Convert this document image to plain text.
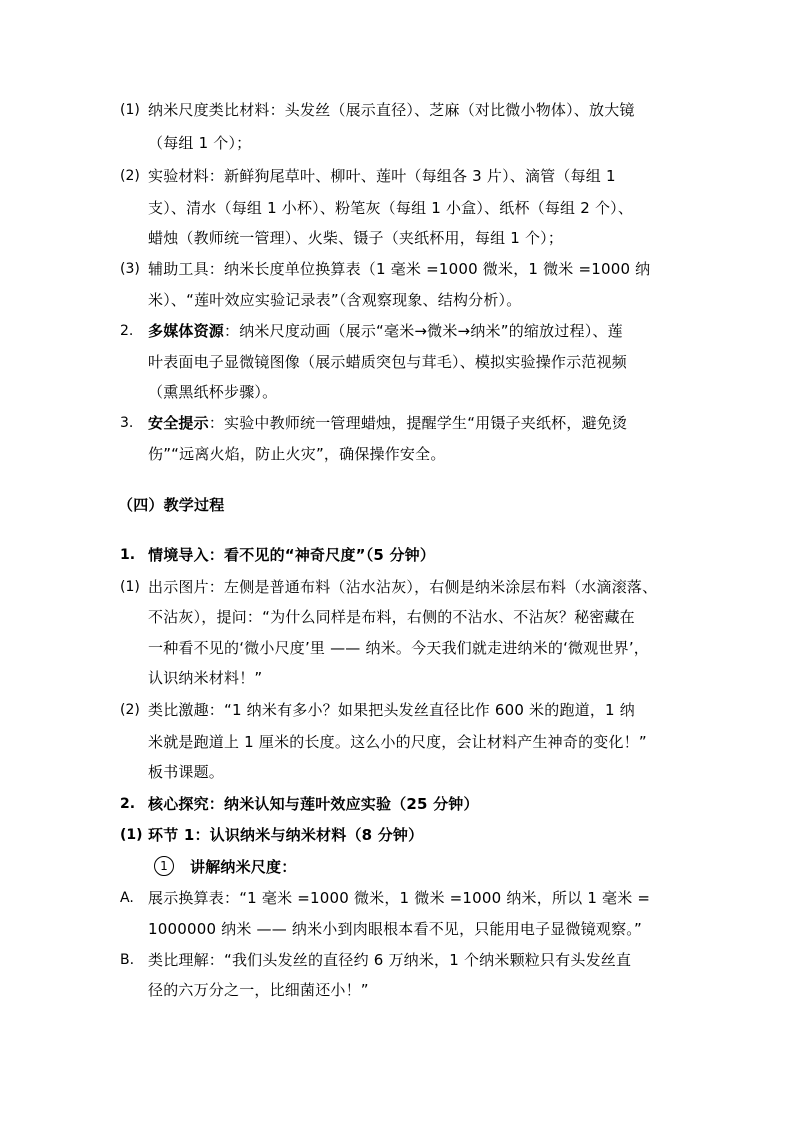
(1) 纳米尺度类比材料：头发丝（展示直径）、芝麻（对比微小物体）、放大镜
（每组 1 个）；
(2) 实验材料：新鲜狗尾草叶、柳叶、莲叶（每组各 3 片）、滴管（每组 1
支）、清水（每组 1 小杯）、粉笔灰（每组 1 小盒）、纸杯（每组 2 个）、
蜡烛（教师统一管理）、火柴、镊子（夹纸杯用，每组 1 个）；
(3) 辅助工具：纳米长度单位换算表（1 毫米 =1000 微米，1 微米 =1000 纳
米）、“莲叶效应实验记录表”（含观察现象、结构分析）。
2. 多媒体资源：纳米尺度动画（展示“毫米→微米→纳米”的缩放过程）、莲
叶表面电子显微镜图像（展示蜡质突包与茸毛）、模拟实验操作示范视频
（熏黑纸杯步骤）。
3. 安全提示：实验中教师统一管理蜡烛，提醒学生“用镊子夹纸杯，避免烫
伤”“远离火焰，防止火灾”，确保操作安全。
（四）教学过程
1. 情境导入：看不见的“神奇尺度”（5 分钟）
(1) 出示图片：左侧是普通布料（沾水沾灰），右侧是纳米涂层布料（水滴滚落、
不沾灰），提问：“为什么同样是布料，右侧的不沾水、不沾灰？秘密藏在
一种看不见的‘微小尺度’里 —— 纳米。今天我们就走进纳米的‘微观世界’，
认识纳米材料！”
(2) 类比激趣：“1 纳米有多小？如果把头发丝直径比作 600 米的跑道，1 纳
米就是跑道上 1 厘米的长度。这么小的尺度，会让材料产生神奇的变化！”
板书课题。
2. 核心探究：纳米认知与莲叶效应实验（25 分钟）
(1) 环节 1：认识纳米与纳米材料（8 分钟）
1	讲解纳米尺度：
A. 展示换算表：“1 毫米 =1000 微米，1 微米 =1000 纳米，所以 1 毫米 =
1000000 纳米 —— 纳米小到肉眼根本看不见，只能用电子显微镜观察。”
B. 类比理解：“我们头发丝的直径约 6 万纳米，1 个纳米颗粒只有头发丝直
径的六万分之一，比细菌还小！”
